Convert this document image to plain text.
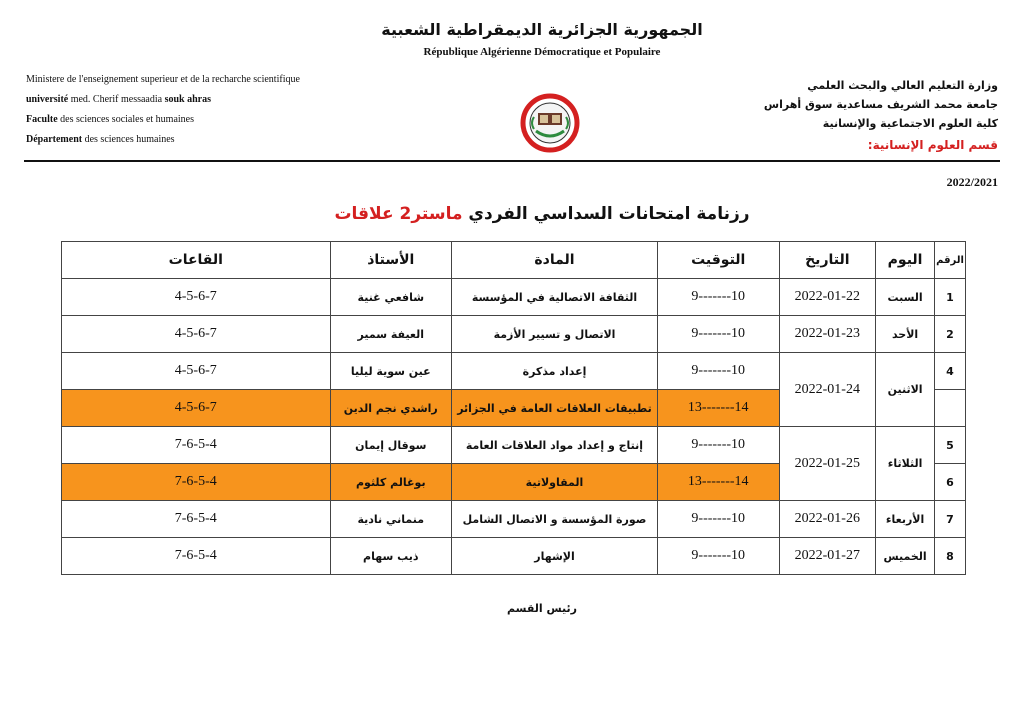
الجمهورية الجزائرية الديمقراطية الشعبية
République Algérienne Démocratique et Populaire
Ministere de l'enseignement superieur et de la recharche scientifique
université med. Cherif messaadia souk ahras
Faculte des sciences sociales et humaines
Département des sciences humaines
وزارة التعليم العالي والبحث العلمي
جامعة محمد الشريف مساعدية سوق أهراس
كلية العلوم الاجتماعية والإنسانية
قسم العلوم الإنسانية:
2022/2021
رزنامة امتحانات السداسي الفردي ماستر2 علاقات
الرقم	اليوم	التاريخ	التوقيت	المادة	الأستاذ	القاعات
1	السبت	2022-01-22	9-------10	الثقافة الاتصالية في المؤسسة	شافعي غنية	4-5-6-7
2	الأحد	2022-01-23	9-------10	الاتصال و تسيير الأزمة	العيفة سمير	4-5-6-7
4	الاثنين	2022-01-24	9-------10	إعداد مذكرة	عين سوية ليليا	4-5-6-7
			13-------14	تطبيقات العلاقات العامة في الجزائر	راشدي نجم الدين	4-5-6-7
5	الثلاثاء	2022-01-25	9-------10	إنتاج و إعداد مواد العلاقات العامة	سوقال إيمان	7-6-5-4
6			13-------14	المقاولاتية	بوغالم كلثوم	7-6-5-4
7	الأربعاء	2022-01-26	9-------10	صورة المؤسسة و الاتصال الشامل	منماني نادية	7-6-5-4
8	الخميس	2022-01-27	9-------10	الإشهار	ذيب سهام	7-6-5-4
رئيس القسم
